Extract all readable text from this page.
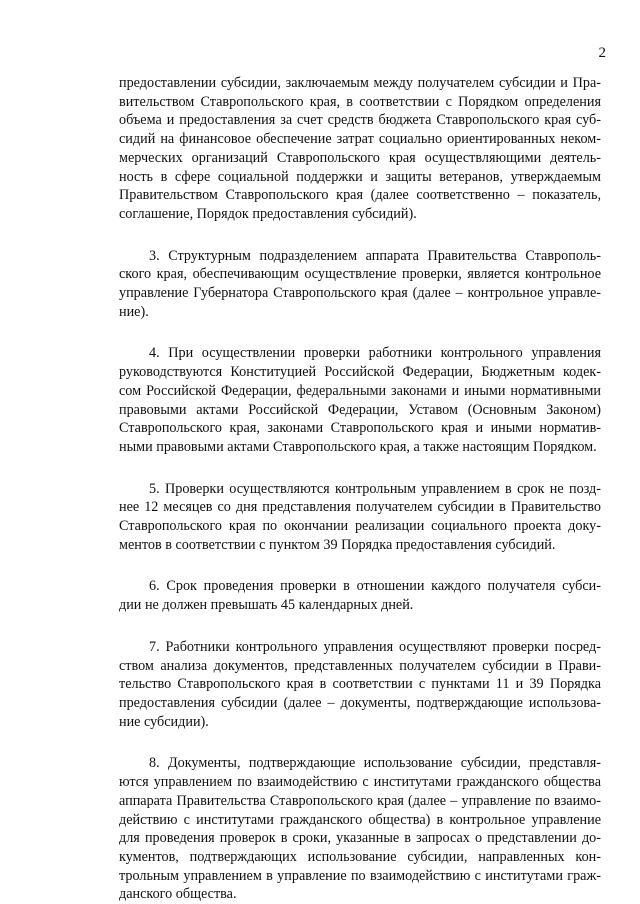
2

предоставлении субсидии, заключаемым между получателем субсидии и Пра-
вительством Ставропольского края, в соответствии с Порядком определения
объема и предоставления за счет средств бюджета Ставропольского края суб-
сидий на финансовое обеспечение затрат социально ориентированных неком-
мерческих организаций Ставропольского края осуществляющими деятель-
ность в сфере социальной поддержки и защиты ветеранов, утверждаемым
Правительством Ставропольского края (далее соответственно – показатель,
соглашение, Порядок предоставления субсидий).

3. Структурным подразделением аппарата Правительства Ставрополь-
ского края, обеспечивающим осуществление проверки, является контрольное
управление Губернатора Ставропольского края (далее – контрольное управле-
ние).

4. При осуществлении проверки работники контрольного управления
руководствуются Конституцией Российской Федерации, Бюджетным кодек-
сом Российской Федерации, федеральными законами и иными нормативными
правовыми актами Российской Федерации, Уставом (Основным Законом)
Ставропольского края, законами Ставропольского края и иными норматив-
ными правовыми актами Ставропольского края, а также настоящим Порядком.

5. Проверки осуществляются контрольным управлением в срок не позд-
нее 12 месяцев со дня представления получателем субсидии в Правительство
Ставропольского края по окончании реализации социального проекта доку-
ментов в соответствии с пунктом 39 Порядка предоставления субсидий.

6. Срок проведения проверки в отношении каждого получателя субси-
дии не должен превышать 45 календарных дней.

7. Работники контрольного управления осуществляют проверки посред-
ством анализа документов, представленных получателем субсидии в Прави-
тельство Ставропольского края в соответствии с пунктами 11 и 39 Порядка
предоставления субсидии (далее – документы, подтверждающие использова-
ние субсидии).

8. Документы, подтверждающие использование субсидии, представля-
ются управлением по взаимодействию с институтами гражданского общества
аппарата Правительства Ставропольского края (далее – управление по взаимо-
действию с институтами гражданского общества) в контрольное управление
для проведения проверок в сроки, указанные в запросах о представлении до-
кументов, подтверждающих использование субсидии, направленных кон-
трольным управлением в управление по взаимодействию с институтами граж-
данского общества.
